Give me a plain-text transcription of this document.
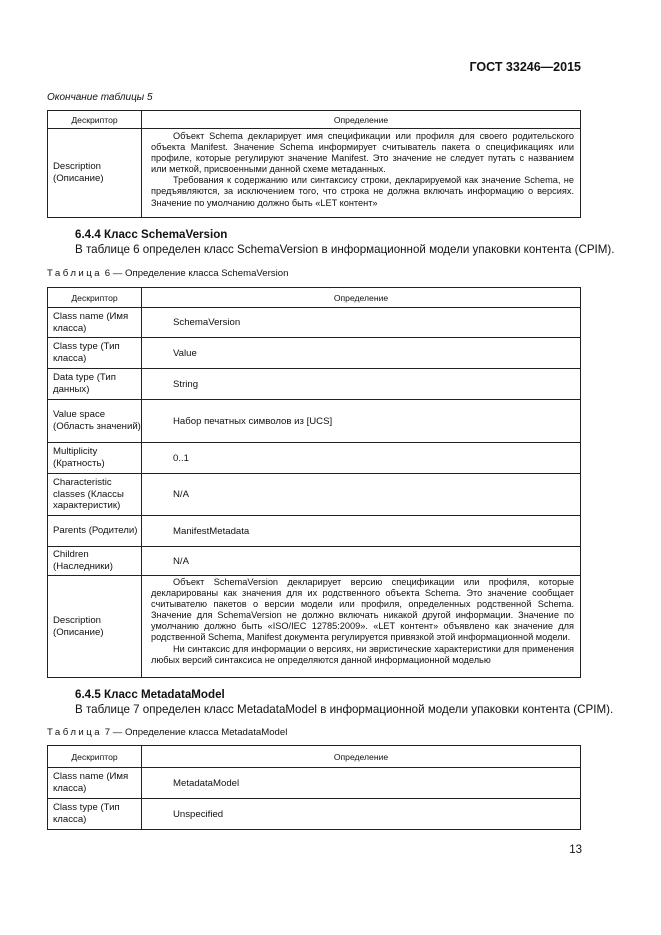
ГОСТ 33246—2015
Окончание таблицы 5
Дескриптор	Определение
Description (Описание)	Объект Schema декларирует имя спецификации или профиля для своего родительского объекта Manifest. Значение Schema информирует считыватель пакета о спецификациях или профиле, которые регулируют значение Manifest. Это значение не следует путать с названием или меткой, присвоенными данной схеме метаданных.

Требования к содержанию или синтаксису строки, декларируемой как значение Schema, не предъявляются, за исключением того, что строка не должна включать информацию о версиях. Значение по умолчанию должно быть «LET контент»

6.4.4 Класс SchemaVersion
В таблице 6 определен класс SchemaVersion в информационной модели упаковки контента (CPIM).
Таблица 6 — Определение класса SchemaVersion
Дескриптор	Определение
Class name (Имя класса)	SchemaVersion
Class type (Тип класса)	Value
Data type (Тип данных)	String
Value space (Область значений)	Набор печатных символов из [UCS]
Multiplicity (Кратность)	0..1
Characteristic classes (Классы характеристик)	N/A
Parents (Родители)	ManifestMetadata
Children (Наследники)	N/A
Description (Описание)	Объект SchemaVersion декларирует версию спецификации или профиля, которые декларированы как значения для их родственного объекта Schema. Это значение сообщает считывателю пакетов о версии модели или профиля, определенных родственной Schema. Значение для SchemaVersion не должно включать никакой другой информации. Значение по умолчанию должно быть «ISO/IEC 12785:2009». «LET контент» объявлено как значение для родственной Schema, Manifest документа регулируется привязкой этой информационной модели.

Ни синтаксис для информации о версиях, ни эвристические характеристики для применения любых версий синтаксиса не определяются данной информационной моделью

6.4.5 Класс MetadataModel
В таблице 7 определен класс MetadataModel в информационной модели упаковки контента (CPIM).
Таблица 7 — Определение класса MetadataModel
Дескриптор	Определение
Class name (Имя класса)	MetadataModel
Class type (Тип класса)	Unspecified
13
